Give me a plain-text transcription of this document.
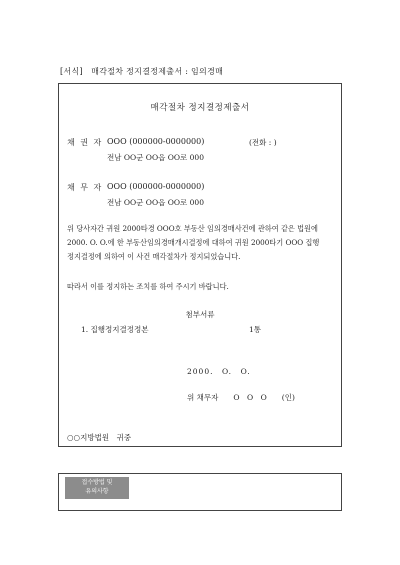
[서식]　매각절차 정지결정제출서 : 임의경매
매각절차 정지결정제출서
채 권 자 OOO (000000-0000000)	(전화 : )
전남 OO군 OO읍 OO로 000
채 무 자 OOO (000000-0000000)
전남 OO군 OO읍 OO로 000
위 당사자간 귀원 2000타경 OOO호 부동산 임의경매사건에 관하여 같은 법원에
2000. O. O.에 한 부동산임의경매개시결정에 대하여 귀원 2000타기 OOO 집행
정지결정에 의하여 이 사건 매각절차가 정지되었습니다.
따라서 이를 정지하는 조치를 하여 주시기 바랍니다.
첨부서류
1. 집행정지결정정본	1통
2000.　O.　O.
위 채무자　　O　O　O　　(인)
○○지방법원　귀중
접수방법 및
유의사항
